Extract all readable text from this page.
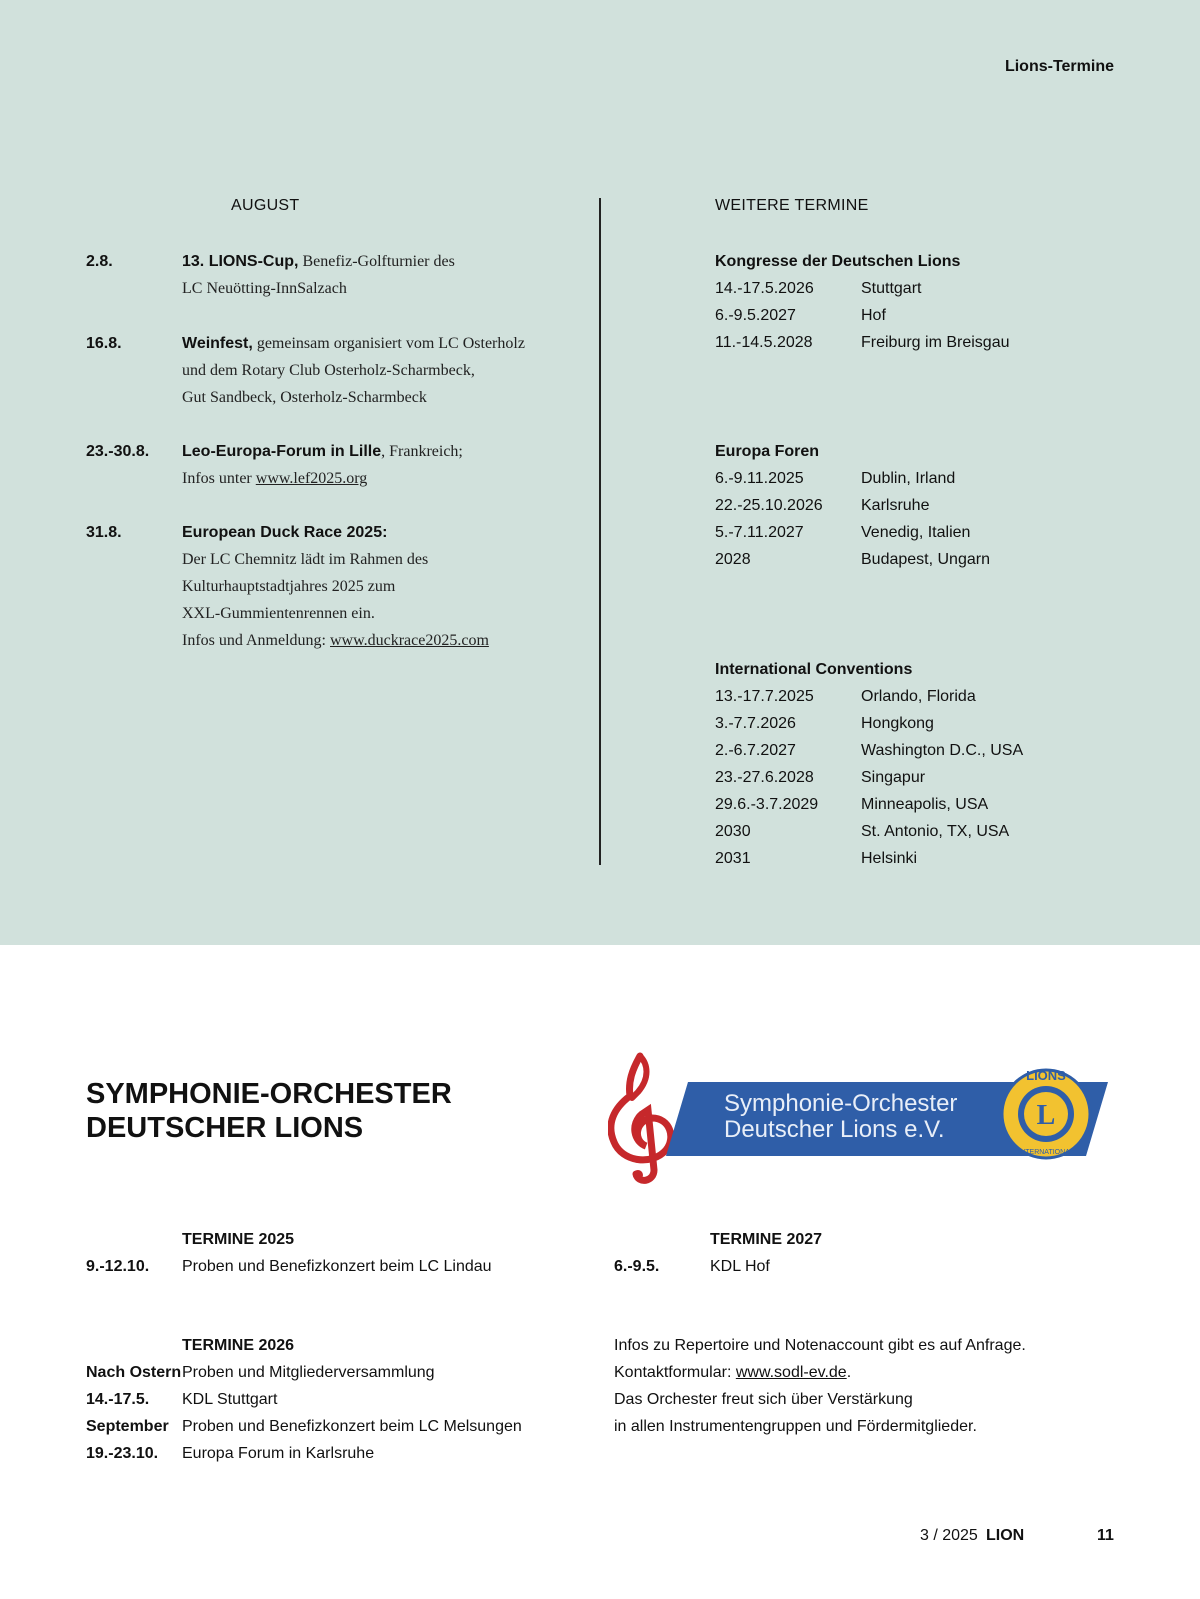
Lions-Termine
AUGUST	WEITERE TERMINE
2.8.	13. LIONS-Cup, Benefiz-Golfturnier des
LC Neuötting-InnSalzach
16.8.	Weinfest, gemeinsam organisiert vom LC Osterholz
und dem Rotary Club Osterholz-Scharmbeck,
Gut Sandbeck, Osterholz-Scharmbeck
23.-30.8. Leo-Europa-Forum in Lille, Frankreich;
Infos unter www.lef2025.org
31.8.	European Duck Race 2025:
Der LC Chemnitz lädt im Rahmen des
Kulturhauptstadtjahres 2025 zum
XXL-Gummientenrennen ein.
Infos und Anmeldung: www.duckrace2025.com
Kongresse der Deutschen Lions
14.-17.5.2026	Stuttgart
6.-9.5.2027	Hof
11.-14.5.2028	Freiburg im Breisgau
Europa Foren
6.-9.11.2025	Dublin, Irland
22.-25.10.2026 Karlsruhe
5.-7.11.2027	Venedig, Italien
2028	Budapest, Ungarn
International Conventions
13.-17.7.2025	Orlando, Florida
3.-7.7.2026	Hongkong
2.-6.7.2027	Washington D.C., USA
23.-27.6.2028	Singapur
29.6.-3.7.2029	Minneapolis, USA
2030	St. Antonio, TX, USA
2031	Helsinki
SYMPHONIE-ORCHESTER
DEUTSCHER LIONS
Symphonie-Orchester
Deutscher Lions e.V.	L
LIONS
INTERNATIONAL
TERMINE 2025
9.-12.10. Proben und Benefizkonzert beim LC Lindau
TERMINE 2027
6.-9.5.	KDL Hof
TERMINE 2026
Nach Ostern Proben und Mitgliederversammlung
14.-17.5. KDL Stuttgart
September Proben und Benefizkonzert beim LC Melsungen
19.-23.10. Europa Forum in Karlsruhe
Infos zu Repertoire und Notenaccount gibt es auf Anfrage.
Kontaktformular: www.sodl-ev.de.
Das Orchester freut sich über Verstärkung
in allen Instrumentengruppen und Fördermitglieder.
3 / 2025 LION	11
